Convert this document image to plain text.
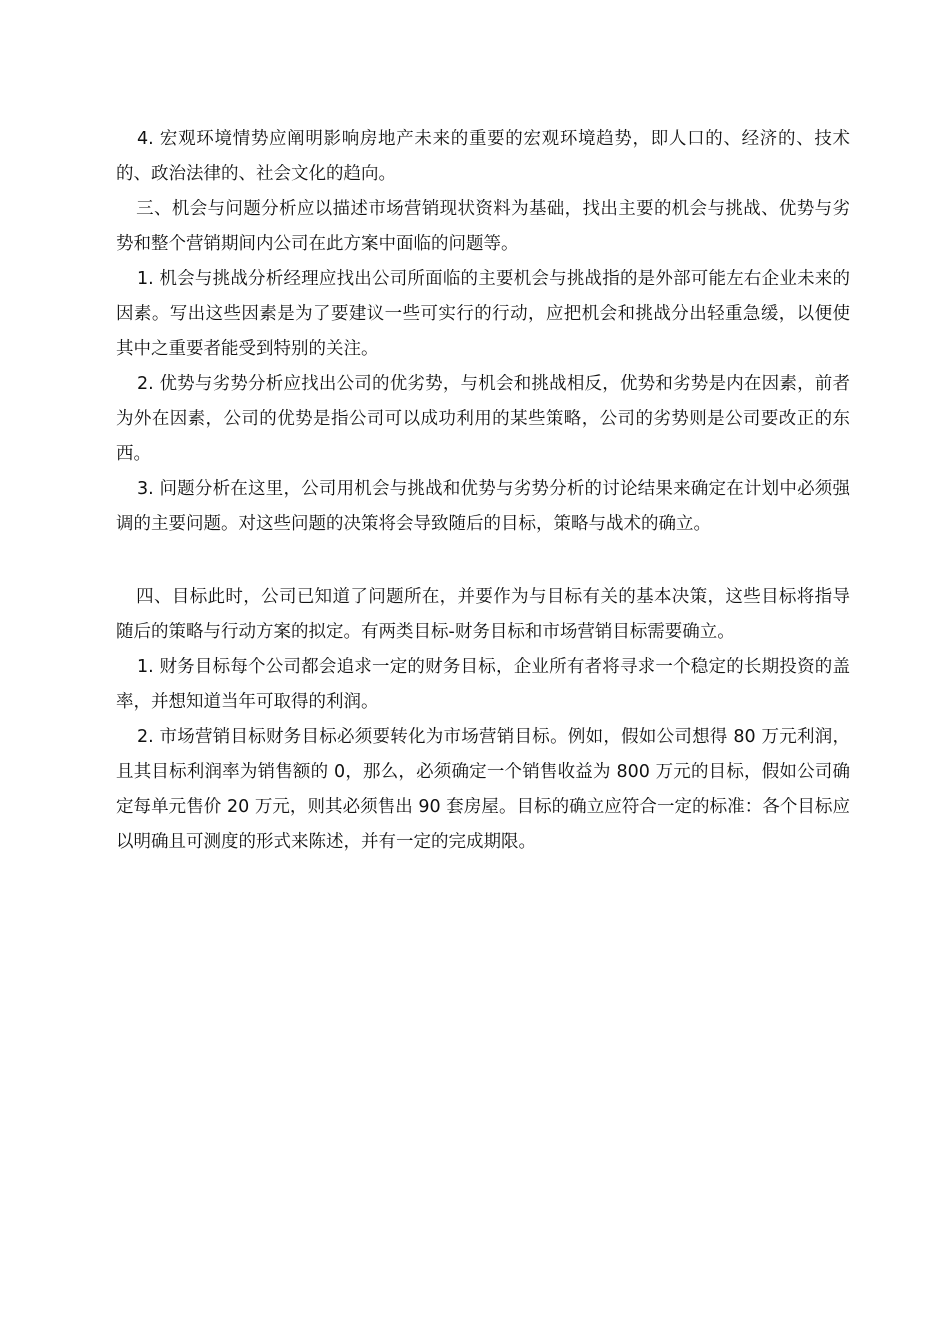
4. 宏观环境情势应阐明影响房地产未来的重要的宏观环境趋势，即人口的、经济的、技术的、政治法律的、社会文化的趋向。

三、机会与问题分析应以描述市场营销现状资料为基础，找出主要的机会与挑战、优势与劣势和整个营销期间内公司在此方案中面临的问题等。

1. 机会与挑战分析经理应找出公司所面临的主要机会与挑战指的是外部可能左右企业未来的因素。写出这些因素是为了要建议一些可实行的行动，应把机会和挑战分出轻重急缓，以便使其中之重要者能受到特别的关注。

2. 优势与劣势分析应找出公司的优劣势，与机会和挑战相反，优势和劣势是内在因素，前者为外在因素，公司的优势是指公司可以成功利用的某些策略，公司的劣势则是公司要改正的东西。

3. 问题分析在这里，公司用机会与挑战和优势与劣势分析的讨论结果来确定在计划中必须强调的主要问题。对这些问题的决策将会导致随后的目标，策略与战术的确立。

四、目标此时，公司已知道了问题所在，并要作为与目标有关的基本决策，这些目标将指导随后的策略与行动方案的拟定。有两类目标-财务目标和市场营销目标需要确立。

1. 财务目标每个公司都会追求一定的财务目标，企业所有者将寻求一个稳定的长期投资的盖率，并想知道当年可取得的利润。

2. 市场营销目标财务目标必须要转化为市场营销目标。例如，假如公司想得 80 万元利润，且其目标利润率为销售额的 0，那么，必须确定一个销售收益为 800 万元的目标，假如公司确定每单元售价 20 万元，则其必须售出 90 套房屋。目标的确立应符合一定的标准：各个目标应以明确且可测度的形式来陈述，并有一定的完成期限。
